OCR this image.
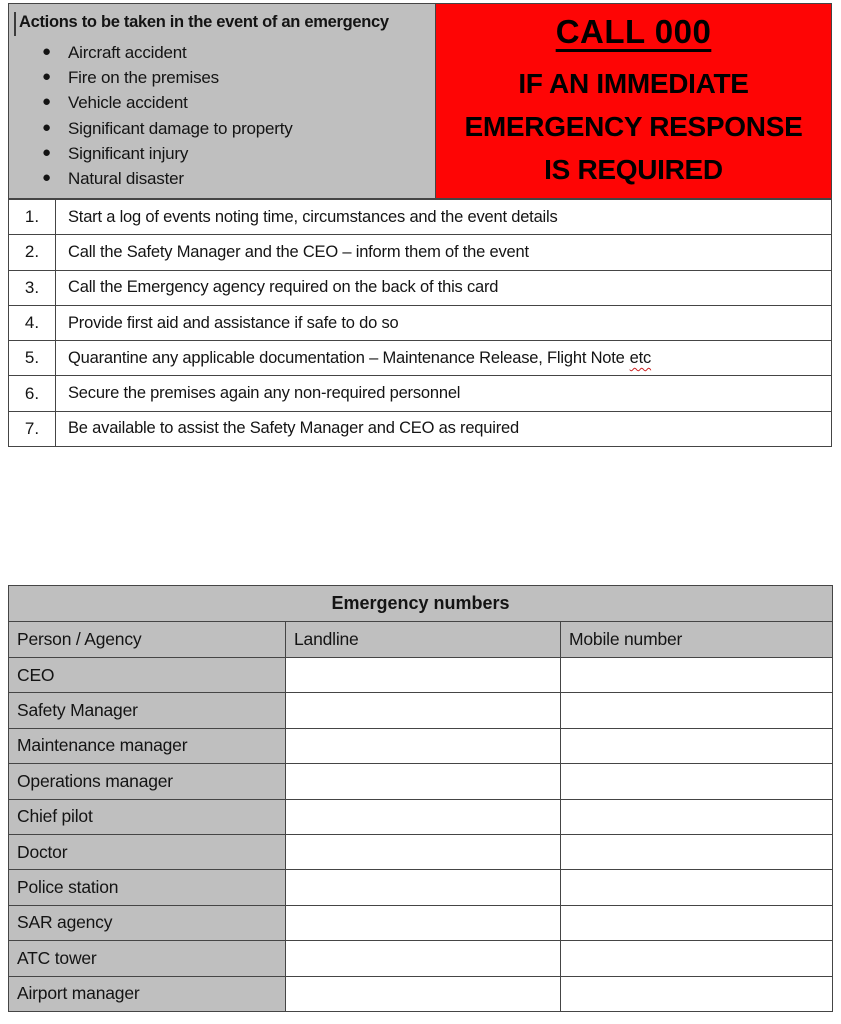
Actions to be taken in the event of an emergency
● Aircraft accident
● Fire on the premises
● Vehicle accident
● Significant damage to property
● Significant injury
● Natural disaster
CALL 000
IF AN IMMEDIATE
EMERGENCY RESPONSE
IS REQUIRED
1.	Start a log of events noting time, circumstances and the event details
2.	Call the Safety Manager and the CEO – inform them of the event
3.	Call the Emergency agency required on the back of this card
4.	Provide first aid and assistance if safe to do so
5.	Quarantine any applicable documentation – Maintenance Release, Flight Note etc
6.	Secure the premises again any non-required personnel
7.	Be available to assist the Safety Manager and CEO as required
Emergency numbers		
Person / Agency	Landline	Mobile number
CEO		
Safety Manager		
Maintenance manager		
Operations manager		
Chief pilot		
Doctor		
Police station		
SAR agency		
ATC tower		
Airport manager		
